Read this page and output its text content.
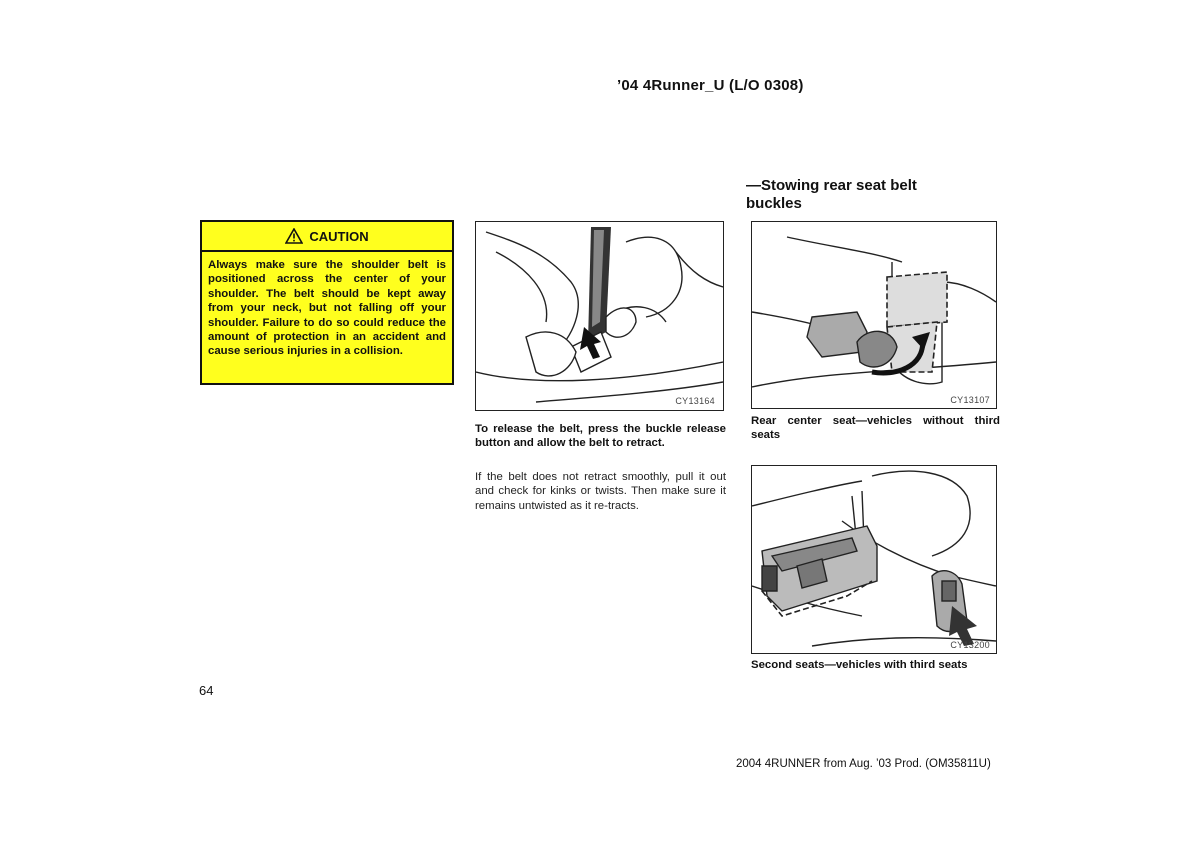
’04 4Runner_U (L/O 0308)
—Stowing rear seat belt buckles
CAUTION
Always make sure the shoulder belt is positioned across the center of your shoulder. The belt should be kept away from your neck, but not falling off your shoulder. Failure to do so could reduce the amount of protection in an accident and cause serious injuries in a collision.
CY13164
To release the belt, press the buckle release button and allow the belt to retract.
If the belt does not retract smoothly, pull it out and check for kinks or twists. Then make sure it remains untwisted as it re-tracts.
CY13107
Rear center seat—vehicles without third seats
CY13200
Second seats—vehicles with third seats
64
2004 4RUNNER from Aug. ’03 Prod. (OM35811U)
